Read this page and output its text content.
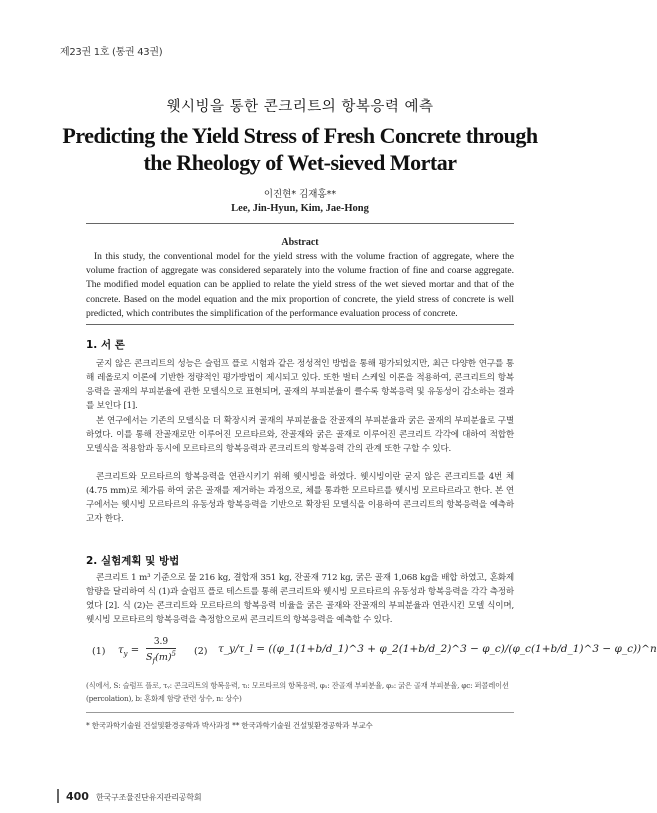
제23권 1호 (통권 43권)
웻시빙을 통한 콘크리트의 항복응력 예측
Predicting the Yield Stress of Fresh Concrete through the Rheology of Wet-sieved Mortar
이진현* 김재홍**
Lee, Jin-Hyun, Kim, Jae-Hong
Abstract

In this study, the conventional model for the yield stress with the volume fraction of aggregate, where the volume fraction of aggregate was considered separately into the volume fraction of fine and coarse aggregate. The modified model equation can be applied to relate the yield stress of the wet sieved mortar and that of the concrete. Based on the model equation and the mix proportion of concrete, the yield stress of concrete is well predicted, which contributes the simplification of the performance evaluation process of concrete.

1. 서 론

굳지 않은 콘크리트의 성능은 슬럼프 플로 시험과 같은 정성적인 방법을 통해 평가되었지만, 최근 다양한 연구를 통해 레올로지 이론에 기반한 정량적인 평가방법이 제시되고 있다. 또한 벌터 스케일 이론을 적용하여, 콘크리트의 항복응력을 골재의 부피분율에 관한 모델식으로 표현되며, 골재의 부피분율이 클수록 항복응력 및 유동성이 감소하는 결과를 보인다 [1].

본 연구에서는 기존의 모델식을 더 확장시켜 골재의 부피분율을 잔골재의 부피분율과 굵은 골재의 부피분율로 구별하였다. 이를 통해 잔골재로만 이루어진 모르타르와, 잔골재와 굵은 골재로 이루어진 콘크리트 각각에 대하여 적합한 모델식을 적용함과 동시에 모르타르의 항복응력과 콘크리트의 항복응력 간의 관계 또한 구할 수 있다.

콘크리트와 모르타르의 항복응력을 연관시키기 위해 웻시빙을 하였다. 웻시빙이란 굳지 않은 콘크리트를 4번 체(4.75 mm)로 체가름 하여 굵은 골재를 제거하는 과정으로, 체를 통과한 모르타르를 웻시빙 모르타르라고 한다. 본 연구에서는 웻시빙 모르타르의 유동성과 항복응력을 기반으로 확장된 모델식을 이용하여 콘크리트의 항복응력을 예측하고자 한다.

2. 실험계획 및 방법

콘크리트 1 m³ 기준으로 물 216 kg, 결합재 351 kg, 잔골재 712 kg, 굵은 골재 1,068 kg을 배합 하였고, 혼화제 함량을 달리하여 식 (1)과 슬럼프 플로 테스트를 통해 콘크리트와 웻시빙 모르타르의 유동성과 항복응력을 각각 측정하였다 [2]. 식 (2)는 콘크리트와 모르타르의 항복응력 비율을 굵은 골재와 잔골재의 부피분율과 연관시킨 모델 식이며, 웻시빙 모르타르의 항복응력을 측정함으로써 콘크리트의 항복응력을 예측할 수 있다.

(1) $\tau_y = \frac{3.9}{S_f(m)^5} (2)$ τ_y/τ_l = ((φ_1(1+b/d_1)^3 + φ_2(1+b/d_2)^3 − φ_c)/(φ_c(1+b/d_1)^3 − φ_c))^n

(식에서, S: 슬럼프 플로, τᵧ: 콘크리트의 항복응력, τₗ: 모르타르의 항복응력, φ₁: 잔골재 부피분율, φ₂: 굵은 골재 부피분율, φc: 퍼콜레이션(percolation), b: 혼화제 함량 관련 상수, n: 상수)

* 한국과학기술원 건설및환경공학과 박사과정 ** 한국과학기술원 건설및환경공학과 부교수
400 한국구조물진단유지관리공학회
